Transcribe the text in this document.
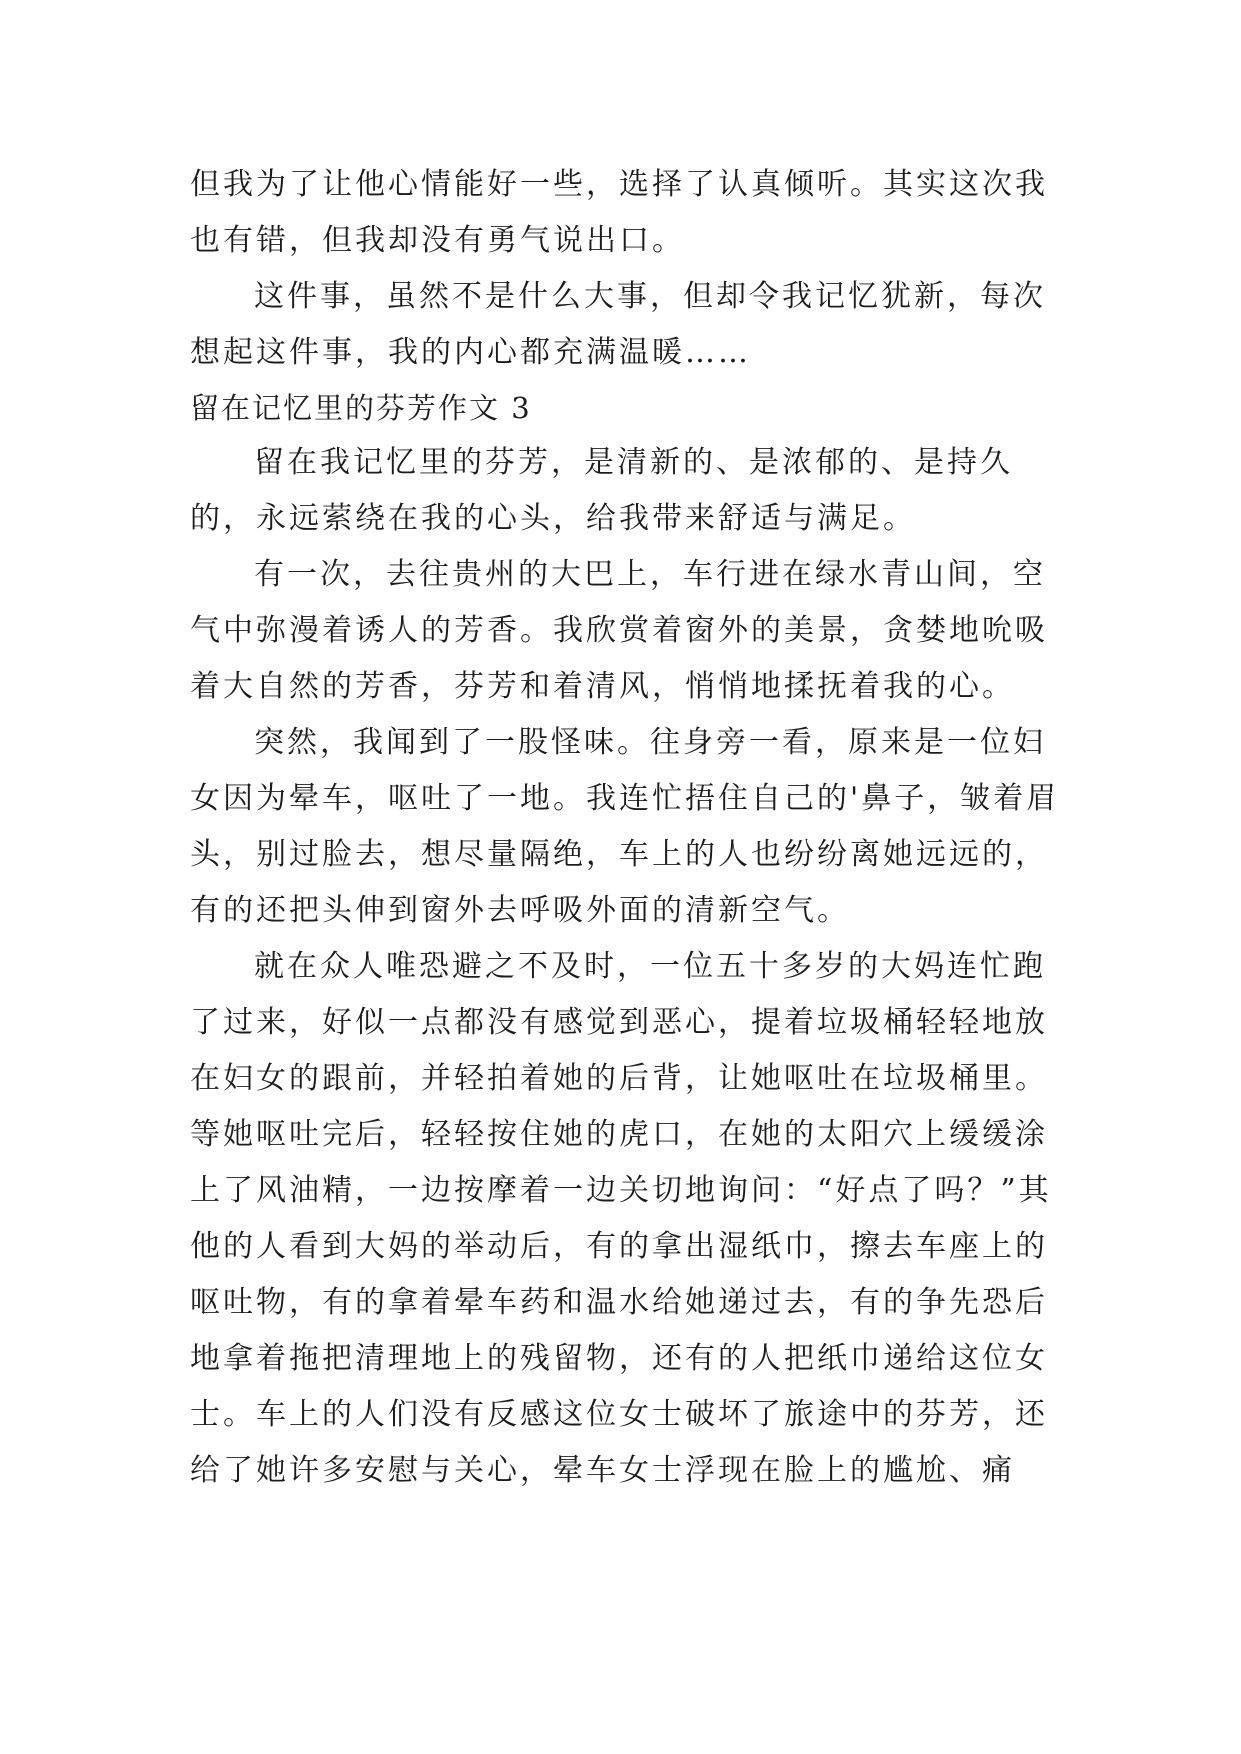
但我为了让他心情能好一些，选择了认真倾听。其实这次我也有错，但我却没有勇气说出口。

这件事，虽然不是什么大事，但却令我记忆犹新，每次想起这件事，我的内心都充满温暖……

留在记忆里的芬芳作文 3

留在我记忆里的芬芳，是清新的、是浓郁的、是持久的，永远萦绕在我的心头，给我带来舒适与满足。

有一次，去往贵州的大巴上，车行进在绿水青山间，空气中弥漫着诱人的芳香。我欣赏着窗外的美景，贪婪地吮吸着大自然的芳香，芬芳和着清风，悄悄地揉抚着我的心。

突然，我闻到了一股怪味。往身旁一看，原来是一位妇女因为晕车，呕吐了一地。我连忙捂住自己的'鼻子，皱着眉头，别过脸去，想尽量隔绝，车上的人也纷纷离她远远的，有的还把头伸到窗外去呼吸外面的清新空气。

就在众人唯恐避之不及时，一位五十多岁的大妈连忙跑了过来，好似一点都没有感觉到恶心，提着垃圾桶轻轻地放在妇女的跟前，并轻拍着她的后背，让她呕吐在垃圾桶里。等她呕吐完后，轻轻按住她的虎口，在她的太阳穴上缓缓涂上了风油精，一边按摩着一边关切地询问：“好点了吗？”其他的人看到大妈的举动后，有的拿出湿纸巾，擦去车座上的呕吐物，有的拿着晕车药和温水给她递过去，有的争先恐后地拿着拖把清理地上的残留物，还有的人把纸巾递给这位女士。车上的人们没有反感这位女士破坏了旅途中的芬芳，还给了她许多安慰与关心，晕车女士浮现在脸上的尴尬、痛
